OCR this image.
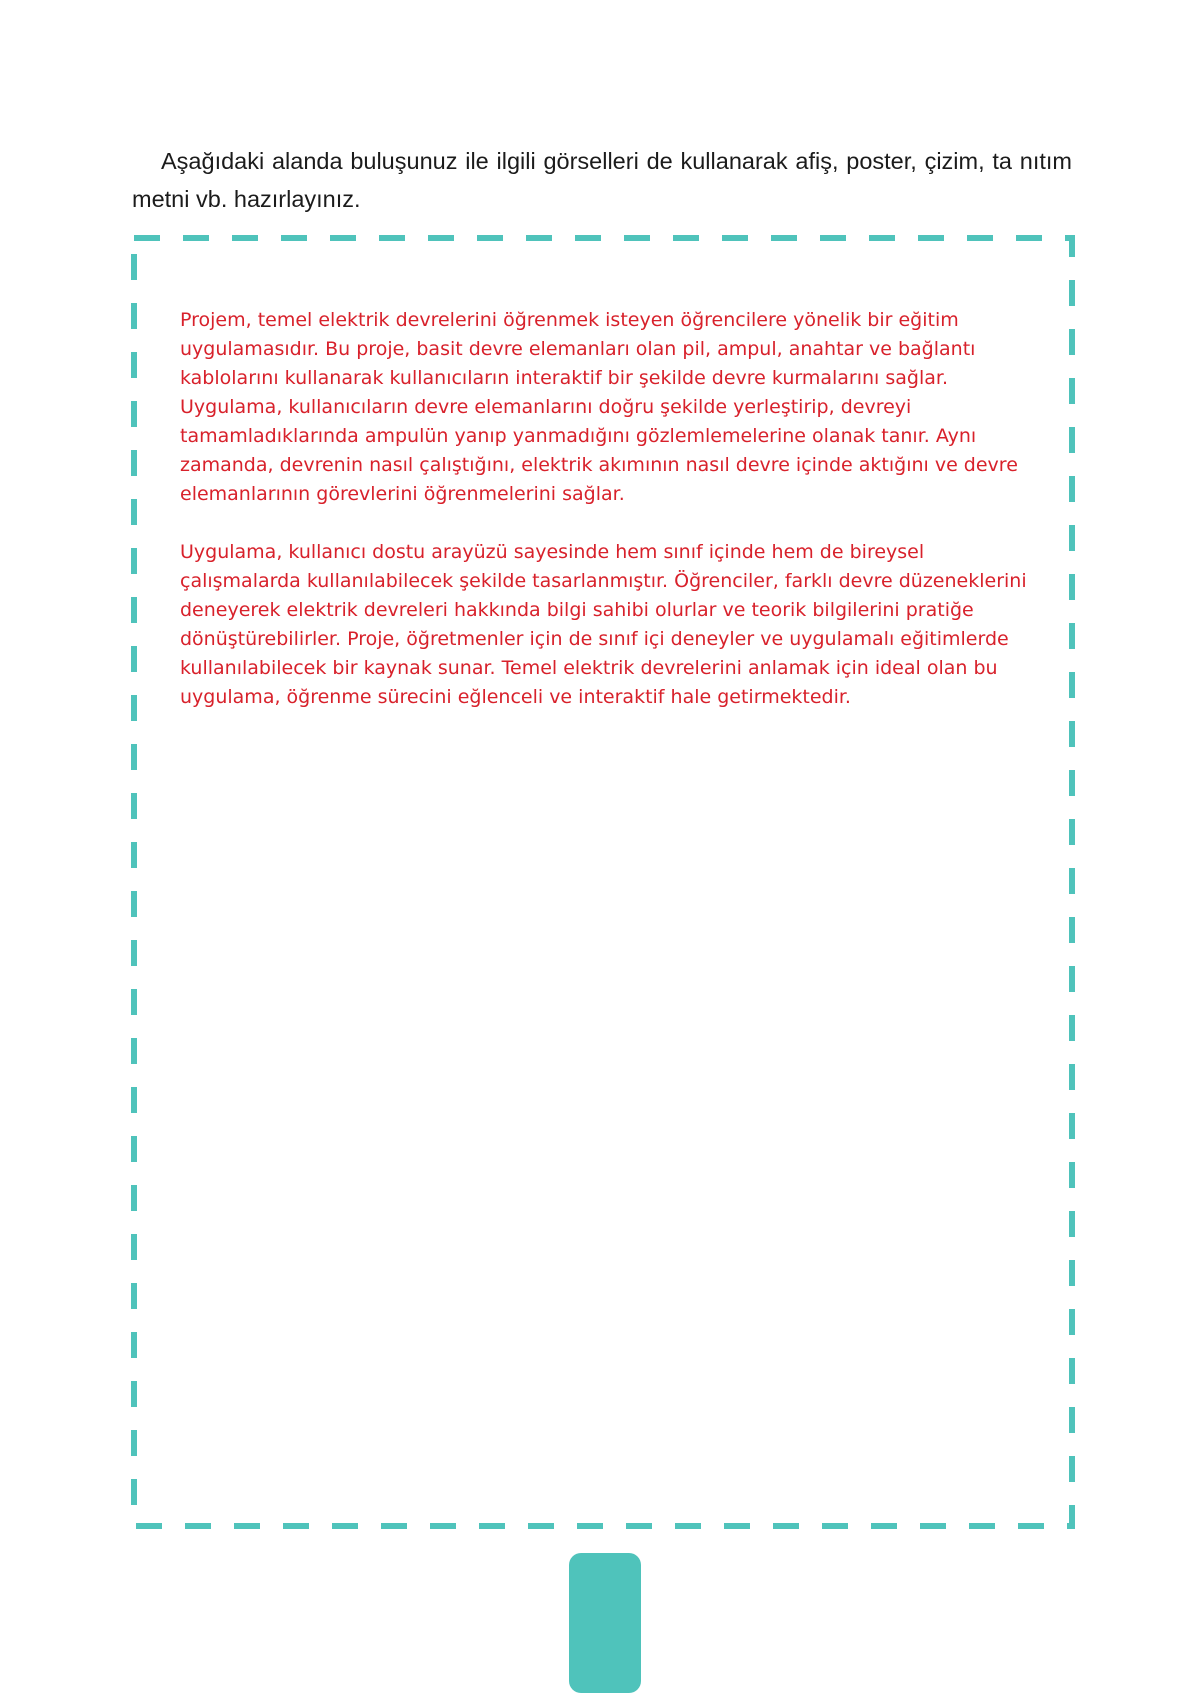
Aşağıdaki alanda buluşunuz ile ilgili görselleri de kullanarak afiş, poster, çizim, ta nıtım metni vb. hazırlayınız.

Projem, temel elektrik devrelerini öğrenmek isteyen öğrencilere yönelik bir eğitim uygulamasıdır. Bu proje, basit devre elemanları olan pil, ampul, anahtar ve bağlantı kablolarını kullanarak kullanıcıların interaktif bir şekilde devre kurmalarını sağlar. Uygulama, kullanıcıların devre elemanlarını doğru şekilde yerleştirip, devreyi tamamladıklarında ampulün yanıp yanmadığını gözlemlemelerine olanak tanır. Aynı zamanda, devrenin nasıl çalıştığını, elektrik akımının nasıl devre içinde aktığını ve devre elemanlarının görevlerini öğrenmelerini sağlar.

Uygulama, kullanıcı dostu arayüzü sayesinde hem sınıf içinde hem de bireysel çalışmalarda kullanılabilecek şekilde tasarlanmıştır. Öğrenciler, farklı devre düzeneklerini deneyerek elektrik devreleri hakkında bilgi sahibi olurlar ve teorik bilgilerini pratiğe dönüştürebilirler. Proje, öğretmenler için de sınıf içi deneyler ve uygulamalı eğitimlerde kullanılabilecek bir kaynak sunar. Temel elektrik devrelerini anlamak için ideal olan bu uygulama, öğrenme sürecini eğlenceli ve interaktif hale getirmektedir.
